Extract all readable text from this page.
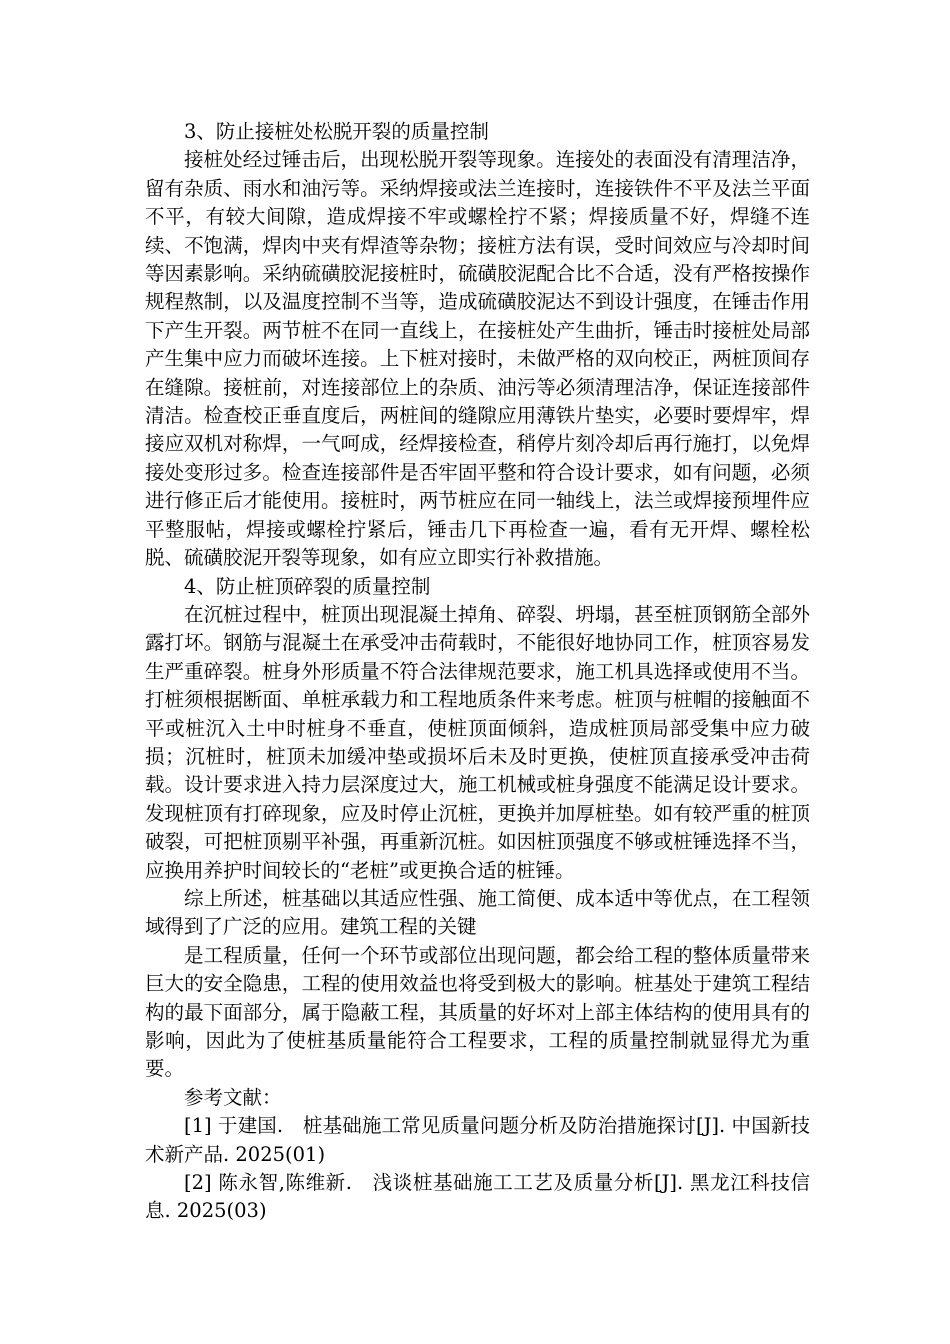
3、防止接桩处松脱开裂的质量控制

接桩处经过锤击后，出现松脱开裂等现象。连接处的表面没有清理洁净，留有杂质、雨水和油污等。采纳焊接或法兰连接时，连接铁件不平及法兰平面不平，有较大间隙，造成焊接不牢或螺栓拧不紧；焊接质量不好，焊缝不连续、不饱满，焊肉中夹有焊渣等杂物；接桩方法有误，受时间效应与冷却时间等因素影响。采纳硫磺胶泥接桩时，硫磺胶泥配合比不合适，没有严格按操作规程熬制，以及温度控制不当等，造成硫磺胶泥达不到设计强度，在锤击作用下产生开裂。两节桩不在同一直线上，在接桩处产生曲折，锤击时接桩处局部产生集中应力而破坏连接。上下桩对接时，未做严格的双向校正，两桩顶间存在缝隙。接桩前，对连接部位上的杂质、油污等必须清理洁净，保证连接部件清洁。检查校正垂直度后，两桩间的缝隙应用薄铁片垫实，必要时要焊牢，焊接应双机对称焊，一气呵成，经焊接检查，稍停片刻冷却后再行施打，以免焊接处变形过多。检查连接部件是否牢固平整和符合设计要求，如有问题，必须进行修正后才能使用。接桩时，两节桩应在同一轴线上，法兰或焊接预埋件应平整服帖，焊接或螺栓拧紧后，锤击几下再检查一遍，看有无开焊、螺栓松脱、硫磺胶泥开裂等现象，如有应立即实行补救措施。

4、防止桩顶碎裂的质量控制

在沉桩过程中，桩顶出现混凝土掉角、碎裂、坍塌，甚至桩顶钢筋全部外露打坏。钢筋与混凝土在承受冲击荷载时，不能很好地协同工作，桩顶容易发生严重碎裂。桩身外形质量不符合法律规范要求，施工机具选择或使用不当。打桩须根据断面、单桩承载力和工程地质条件来考虑。桩顶与桩帽的接触面不平或桩沉入土中时桩身不垂直，使桩顶面倾斜，造成桩顶局部受集中应力破损；沉桩时，桩顶未加缓冲垫或损坏后未及时更换，使桩顶直接承受冲击荷载。设计要求进入持力层深度过大，施工机械或桩身强度不能满足设计要求。发现桩顶有打碎现象，应及时停止沉桩，更换并加厚桩垫。如有较严重的桩顶破裂，可把桩顶剔平补强，再重新沉桩。如因桩顶强度不够或桩锤选择不当，应换用养护时间较长的“老桩”或更换合适的桩锤。

综上所述，桩基础以其适应性强、施工简便、成本适中等优点，在工程领域得到了广泛的应用。建筑工程的关键

是工程质量，任何一个环节或部位出现问题，都会给工程的整体质量带来巨大的安全隐患，工程的使用效益也将受到极大的影响。桩基处于建筑工程结构的最下面部分，属于隐蔽工程，其质量的好坏对上部主体结构的使用具有的影响，因此为了使桩基质量能符合工程要求，工程的质量控制就显得尤为重要。

参考文献：

[1] 于建国.　桩基础施工常见质量问题分析及防治措施探讨[J]. 中国新技术新产品. 2025(01)

[2] 陈永智,陈维新.　浅谈桩基础施工工艺及质量分析[J]. 黑龙江科技信息. 2025(03)
